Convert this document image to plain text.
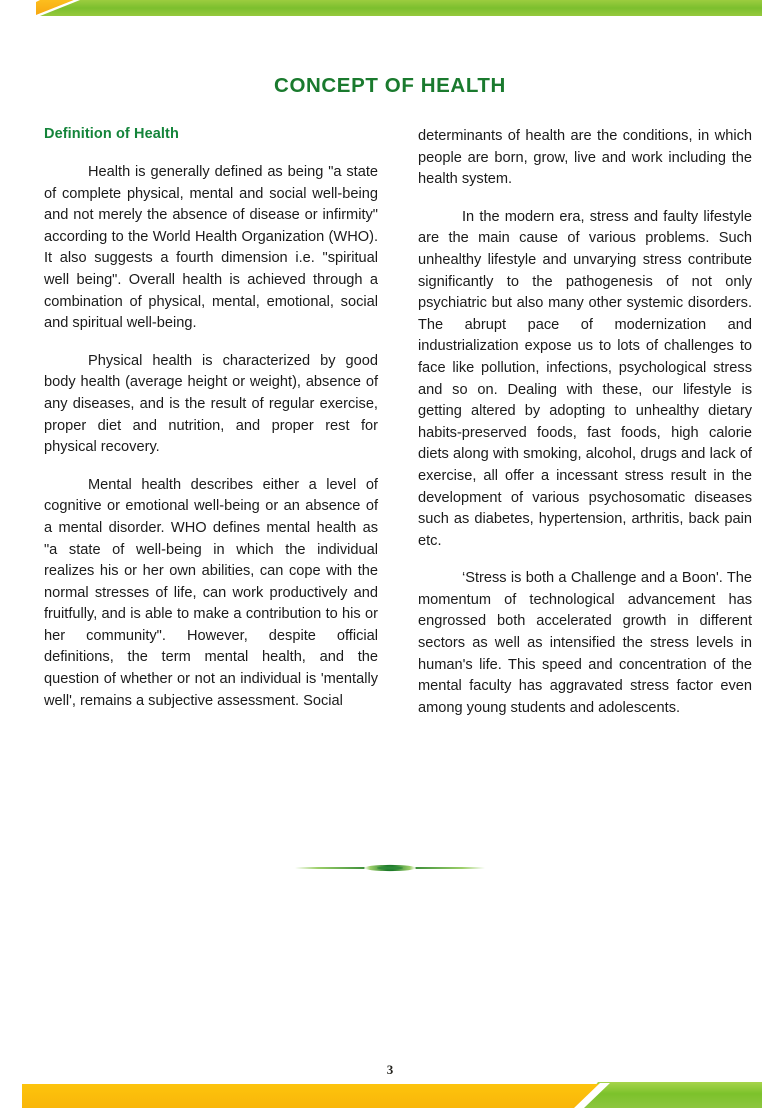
CONCEPT OF HEALTH
Definition of Health

Health is generally defined as being "a state of complete physical, mental and social well-being and not merely the absence of disease or infirmity" according to the World Health Organization (WHO). It also suggests a fourth dimension i.e. "spiritual well being". Overall health is achieved through a combination of physical, mental, emotional, social and spiritual well-being.

Physical health is characterized by good body health (average height or weight), absence of any diseases, and is the result of regular exercise, proper diet and nutrition, and proper rest for physical recovery.

Mental health describes either a level of cognitive or emotional well-being or an absence of a mental disorder. WHO defines mental health as "a state of well-being in which the individual realizes his or her own abilities, can cope with the normal stresses of life, can work productively and fruitfully, and is able to make a contribution to his or her community". However, despite official definitions, the term mental health, and the question of whether or not an individual is 'mentally well', remains a subjective assessment. Social

determinants of health are the conditions, in which people are born, grow, live and work including the health system.

In the modern era, stress and faulty lifestyle are the main cause of various problems. Such unhealthy lifestyle and unvarying stress contribute significantly to the pathogenesis of not only psychiatric but also many other systemic disorders. The abrupt pace of modernization and industrialization expose us to lots of challenges to face like pollution, infections, psychological stress and so on. Dealing with these, our lifestyle is getting altered by adopting to unhealthy dietary habits-preserved foods, fast foods, high calorie diets along with smoking, alcohol, drugs and lack of exercise, all offer a incessant stress result in the development of various psychosomatic diseases such as diabetes, hypertension, arthritis, back pain etc.

‘Stress is both a Challenge and a Boon'. The momentum of technological advancement has engrossed both accelerated growth in different sectors as well as intensified the stress levels in human's life. This speed and concentration of the mental faculty has aggravated stress factor even among young students and adolescents.

3
